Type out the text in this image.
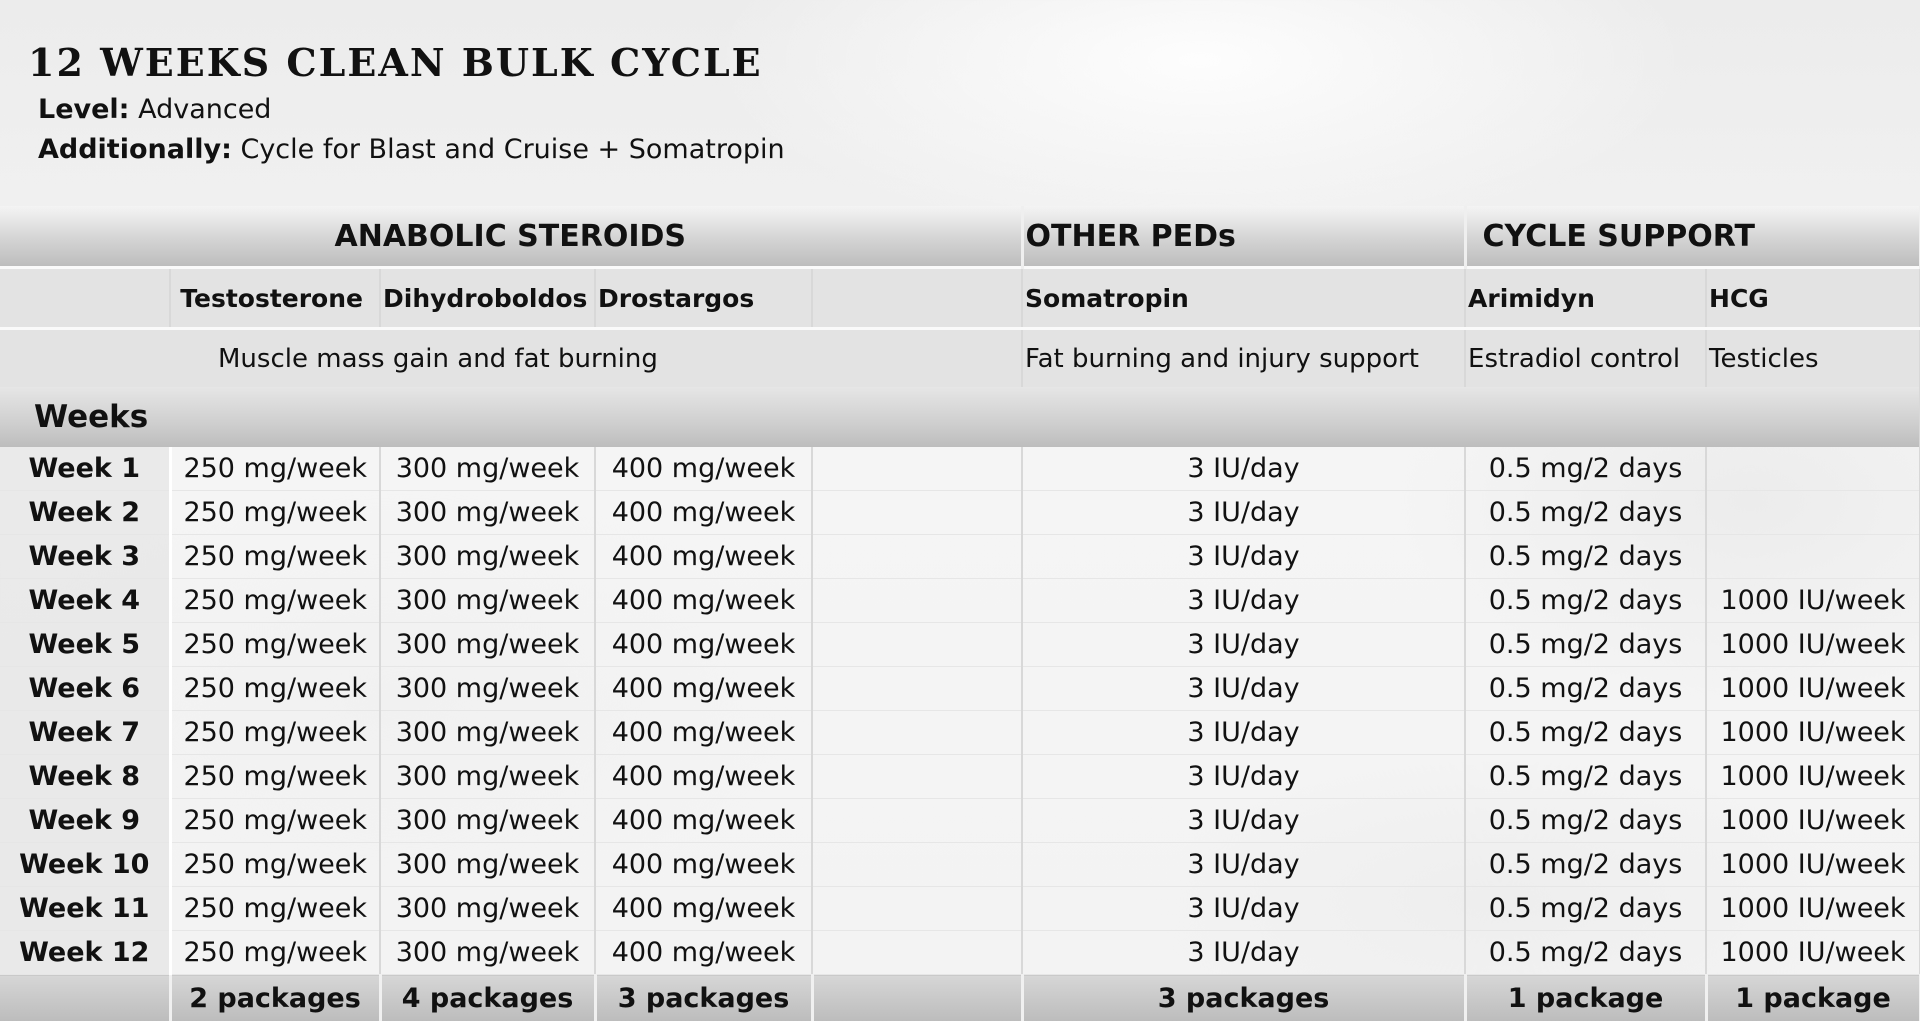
12 WEEKS CLEAN BULK CYCLE
Level: Advanced
Additionally: Cycle for Blast and Cruise + Somatropin
ANABOLIC STEROIDS					OTHER PEDs	CYCLE SUPPORT	
	Testosterone	Dihydroboldos	Drostargos		Somatropin	Arimidyn	HCG
Muscle mass gain and fat burning					Fat burning and injury support	Estradiol control	Testicles
Weeks							
Week 1	250 mg/week	300 mg/week	400 mg/week		3 IU/day	0.5 mg/2 days	
Week 2	250 mg/week	300 mg/week	400 mg/week		3 IU/day	0.5 mg/2 days	
Week 3	250 mg/week	300 mg/week	400 mg/week		3 IU/day	0.5 mg/2 days	
Week 4	250 mg/week	300 mg/week	400 mg/week		3 IU/day	0.5 mg/2 days	1000 IU/week
Week 5	250 mg/week	300 mg/week	400 mg/week		3 IU/day	0.5 mg/2 days	1000 IU/week
Week 6	250 mg/week	300 mg/week	400 mg/week		3 IU/day	0.5 mg/2 days	1000 IU/week
Week 7	250 mg/week	300 mg/week	400 mg/week		3 IU/day	0.5 mg/2 days	1000 IU/week
Week 8	250 mg/week	300 mg/week	400 mg/week		3 IU/day	0.5 mg/2 days	1000 IU/week
Week 9	250 mg/week	300 mg/week	400 mg/week		3 IU/day	0.5 mg/2 days	1000 IU/week
Week 10	250 mg/week	300 mg/week	400 mg/week		3 IU/day	0.5 mg/2 days	1000 IU/week
Week 11	250 mg/week	300 mg/week	400 mg/week		3 IU/day	0.5 mg/2 days	1000 IU/week
Week 12	250 mg/week	300 mg/week	400 mg/week		3 IU/day	0.5 mg/2 days	1000 IU/week
	2 packages	4 packages	3 packages		3 packages	1 package	1 package
